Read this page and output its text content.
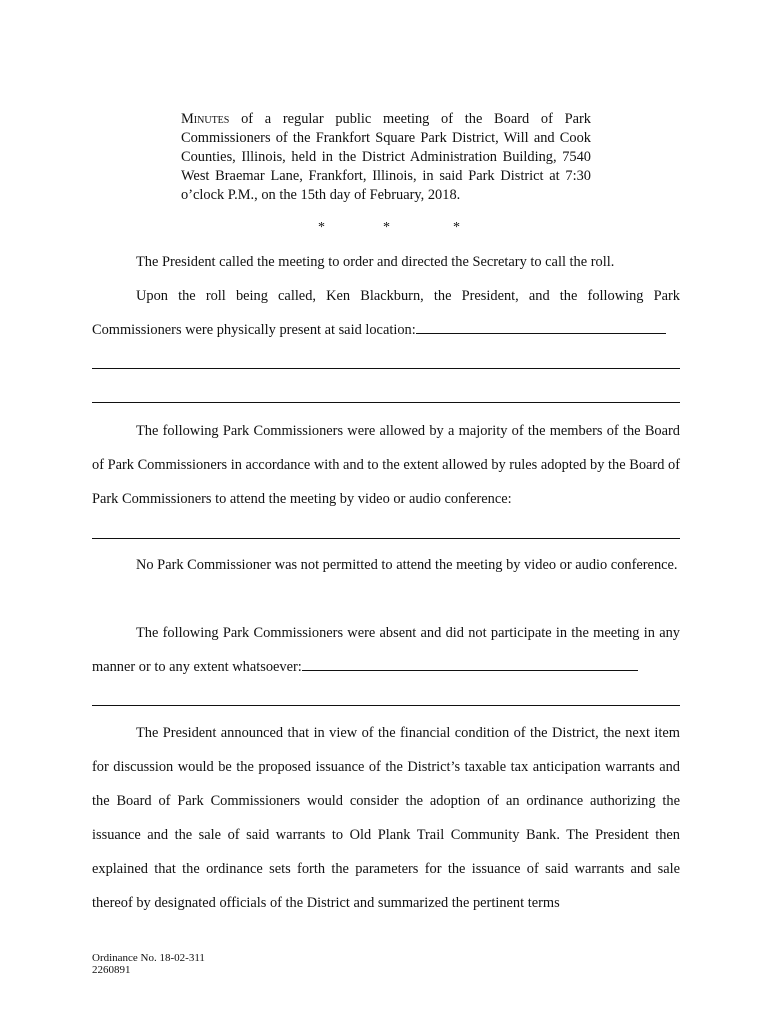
Minutes of a regular public meeting of the Board of Park Commissioners of the Frankfort Square Park District, Will and Cook Counties, Illinois, held in the District Administration Building, 7540 West Braemar Lane, Frankfort, Illinois, in said Park District at 7:30 o’clock P.M., on the 15th day of February, 2018.
*	*	*
The President called the meeting to order and directed the Secretary to call the roll.
Upon the roll being called, Ken Blackburn, the President, and the following Park Commissioners were physically present at said location:
The following Park Commissioners were allowed by a majority of the members of the Board of Park Commissioners in accordance with and to the extent allowed by rules adopted by the Board of Park Commissioners to attend the meeting by video or audio conference:
No Park Commissioner was not permitted to attend the meeting by video or audio conference.
The following Park Commissioners were absent and did not participate in the meeting in any manner or to any extent whatsoever:
The President announced that in view of the financial condition of the District, the next item for discussion would be the proposed issuance of the District’s taxable tax anticipation warrants and the Board of Park Commissioners would consider the adoption of an ordinance authorizing the issuance and the sale of said warrants to Old Plank Trail Community Bank. The President then explained that the ordinance sets forth the parameters for the issuance of said warrants and sale thereof by designated officials of the District and summarized the pertinent terms
Ordinance No. 18-02-311
2260891
